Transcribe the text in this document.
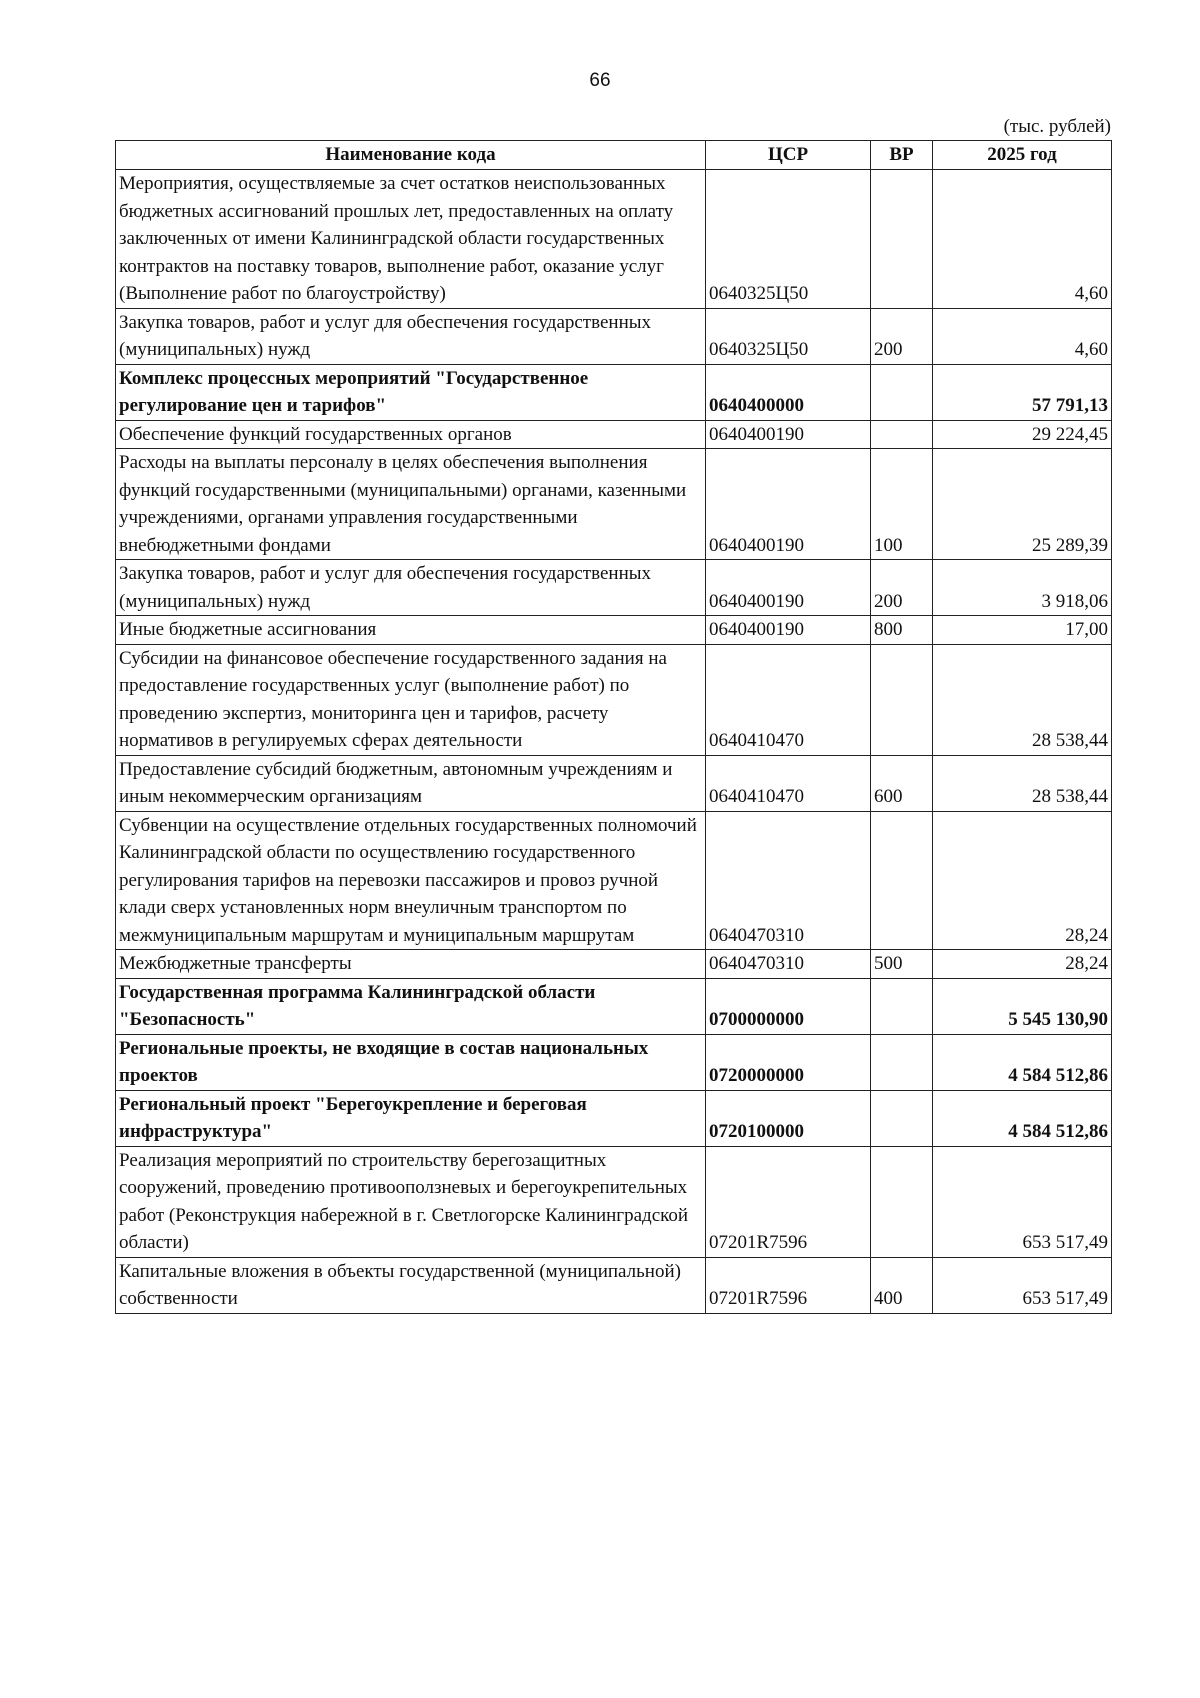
66
(тыс. рублей)
Наименование кода	ЦСР	ВР	2025 год
Мероприятия, осуществляемые за счет остатков неиспользованных бюджетных ассигнований прошлых лет, предоставленных на оплату заключенных от имени Калининградской области государственных контрактов на поставку товаров, выполнение работ, оказание услуг (Выполнение работ по благоустройству)	0640325Ц50		4,60
Закупка товаров, работ и услуг для обеспечения государственных (муниципальных) нужд	0640325Ц50	200	4,60
Комплекс процессных мероприятий "Государственное регулирование цен и тарифов"	0640400000		57 791,13
Обеспечение функций государственных органов	0640400190		29 224,45
Расходы на выплаты персоналу в целях обеспечения выполнения функций государственными (муниципальными) органами, казенными учреждениями, органами управления государственными внебюджетными фондами	0640400190	100	25 289,39
Закупка товаров, работ и услуг для обеспечения государственных (муниципальных) нужд	0640400190	200	3 918,06
Иные бюджетные ассигнования	0640400190	800	17,00
Субсидии на финансовое обеспечение государственного задания на предоставление государственных услуг (выполнение работ) по проведению экспертиз, мониторинга цен и тарифов, расчету нормативов в регулируемых сферах деятельности	0640410470		28 538,44
Предоставление субсидий бюджетным, автономным учреждениям и иным некоммерческим организациям	0640410470	600	28 538,44
Субвенции на осуществление отдельных государственных полномочий Калининградской области по осуществлению государственного регулирования тарифов на перевозки пассажиров и провоз ручной клади сверх установленных норм внеуличным транспортом по межмуниципальным маршрутам и муниципальным маршрутам	0640470310		28,24
Межбюджетные трансферты	0640470310	500	28,24
Государственная программа Калининградской области "Безопасность"	0700000000		5 545 130,90
Региональные проекты, не входящие в состав национальных проектов	0720000000		4 584 512,86
Региональный проект "Берегоукрепление и береговая инфраструктура"	0720100000		4 584 512,86
Реализация мероприятий по строительству берегозащитных сооружений, проведению противооползневых и берегоукрепительных работ (Реконструкция набережной в г. Светлогорске Калининградской области)	07201R7596		653 517,49
Капитальные вложения в объекты государственной (муниципальной) собственности	07201R7596	400	653 517,49
